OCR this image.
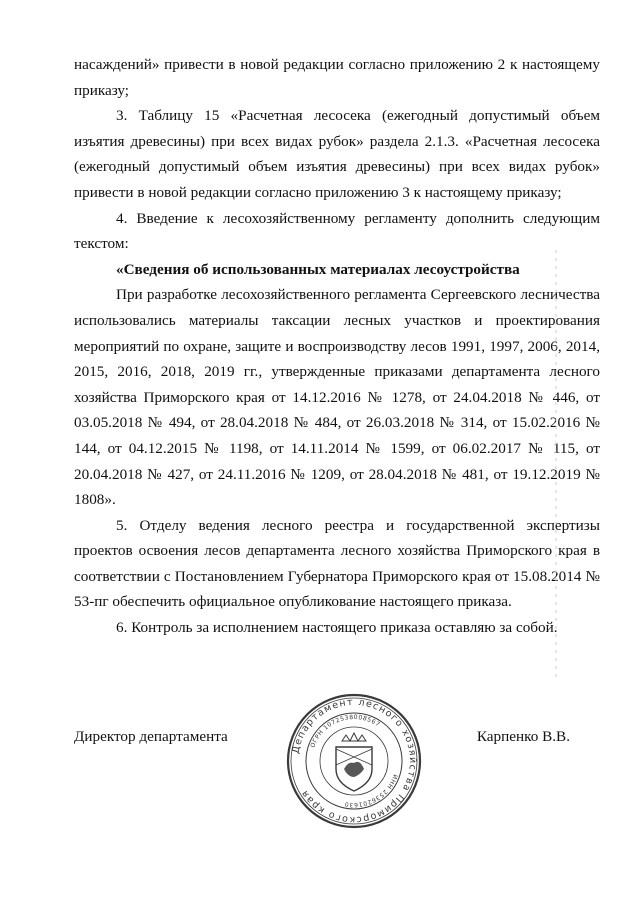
насаждений» привести в новой редакции согласно приложению 2 к настоящему приказу;

3. Таблицу 15 «Расчетная лесосека (ежегодный допустимый объем изъятия древесины) при всех видах рубок» раздела 2.1.3. «Расчетная лесосека (ежегодный допустимый объем изъятия древесины) при всех видах рубок» привести в новой редакции согласно приложению 3 к настоящему приказу;

4. Введение к лесохозяйственному регламенту дополнить следующим текстом:

«Сведения об использованных материалах лесоустройства

При разработке лесохозяйственного регламента Сергеевского лесничества использовались материалы таксации лесных участков и проектирования мероприятий по охране, защите и воспроизводству лесов 1991, 1997, 2006, 2014, 2015, 2016, 2018, 2019 гг., утвержденные приказами департамента лесного хозяйства Приморского края от 14.12.2016 № 1278, от 24.04.2018 № 446, от 03.05.2018 № 494, от 28.04.2018 № 484, от 26.03.2018 № 314, от 15.02.2016 № 144, от 04.12.2015 № 1198, от 14.11.2014 № 1599, от 06.02.2017 № 115, от 20.04.2018 № 427, от 24.11.2016 № 1209, от 28.04.2018 № 481, от 19.12.2019 № 1808».

5. Отделу ведения лесного реестра и государственной экспертизы проектов освоения лесов департамента лесного хозяйства Приморского края в соответствии с Постановлением Губернатора Приморского края от 15.08.2014 № 53-пг обеспечить официальное опубликование настоящего приказа.

6. Контроль за исполнением настоящего приказа оставляю за собой.

Директор департамента	Карпенко В.В.
Департамент лесного хозяйства Приморского края
ОГРН 1072538008567
ИНН 2536201630
